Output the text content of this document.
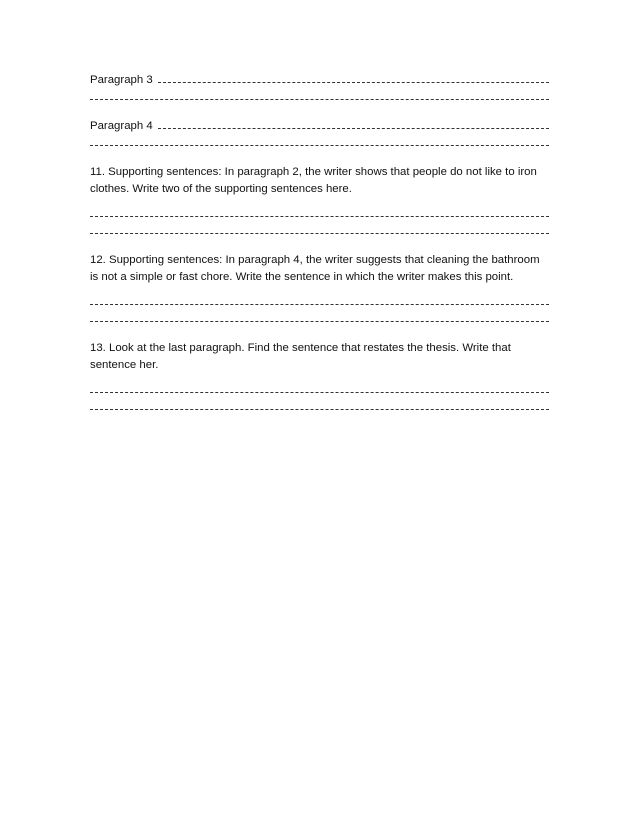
Paragraph 3
Paragraph 4

11. Supporting sentences: In paragraph 2, the writer shows that people do not like to iron

clothes. Write two of the supporting sentences here.

12. Supporting sentences: In paragraph 4, the writer suggests that cleaning the bathroom

is not a simple or fast chore. Write the sentence in which the writer makes this point.

13. Look at the last paragraph. Find the sentence that restates the thesis. Write that

sentence her.
